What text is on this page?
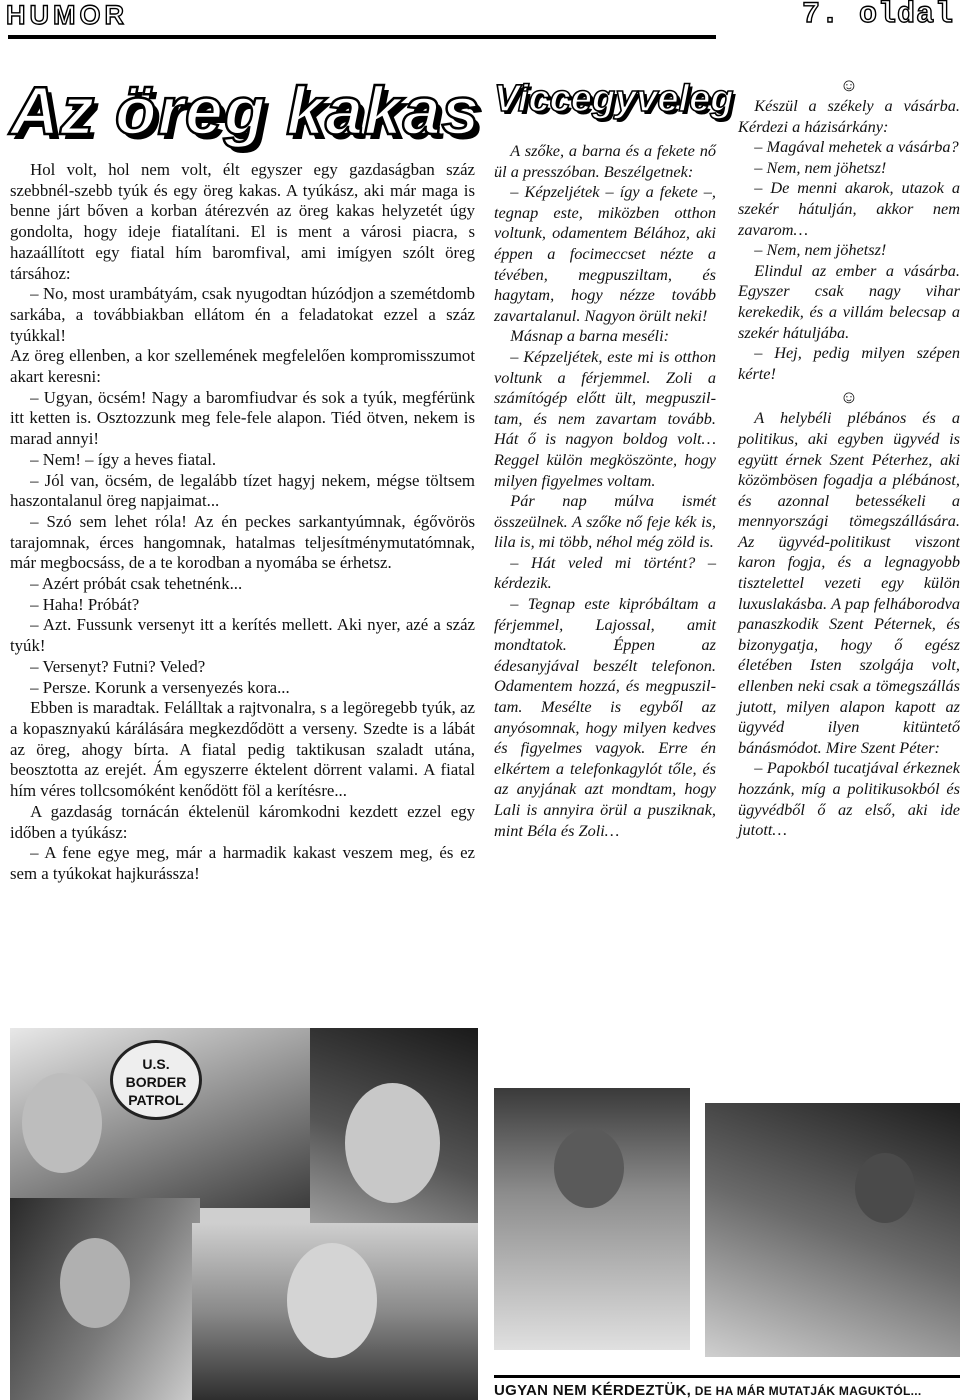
HUMOR	7. oldal
Az öreg kakas

Hol volt, hol nem volt, élt egyszer egy gazdaságban száz szebbnél-szebb tyúk és egy öreg kakas. A tyúkász, aki már maga is benne járt bőven a korban átérezvén az öreg kakas helyzetét úgy gondolta, hogy ideje fiatalítani. El is ment a városi piacra, s hazaállított egy fiatal hím baromfival, ami imígyen szólt öreg társához:

– No, most urambátyám, csak nyugodtan húzódjon a szemétdomb sarkába, a továbbiakban ellátom én a feladatokat ezzel a száz tyúkkal!

Az öreg ellenben, a kor szellemének megfelelően kompromisszumot akart keresni:

– Ugyan, öcsém! Nagy a baromfiudvar és sok a tyúk, megférünk itt ketten is. Osztozzunk meg fele-fele alapon. Tiéd ötven, nekem is marad annyi!

– Nem! – így a heves fiatal.

– Jól van, öcsém, de legalább tízet hagyj nekem, mégse töltsem haszontalanul öreg napjaimat...

– Szó sem lehet róla! Az én peckes sarkantyúmnak, égővörös tarajomnak, érces hangomnak, hatalmas teljesítménymutatómnak, már megbocsáss, de a te korodban a nyomába se érhetsz.

– Azért próbát csak tehetnénk...

– Haha! Próbát?

– Azt. Fussunk versenyt itt a kerítés mellett. Aki nyer, azé a száz tyúk!

– Versenyt? Futni? Veled?

– Persze. Korunk a versenyezés kora...

Ebben is maradtak. Felálltak a rajtvonalra, s a legöregebb tyúk, az a kopasznyakú kárálására megkezdődött a verseny. Szedte is a lábát az öreg, ahogy bírta. A fiatal pedig taktikusan szaladt utána, beosztotta az erejét. Ám egyszerre éktelent dörrent valami. A fiatal hím véres tollcsomóként kenődött föl a kerítésre...

A gazdaság tornácán éktelenül káromkodni kezdett ezzel egy időben a tyúkász:

– A fene egye meg, már a harmadik kakast veszem meg, és ez sem a tyúkokat hajkurássza!

U.S. BORDER PATROL
Viccegyveleg

A szőke, a barna és a fekete nő ül a presszóban. Beszélgetnek:

– Képzeljétek – így a fekete –, tegnap este, miközben otthon voltunk, odamentem Bélához, aki éppen a focimeccset nézte a tévében, megpusziltam, és hagytam, hogy nézze tovább zavartalanul. Nagyon örült neki!

Másnap a barna meséli:

– Képzeljétek, este mi is otthon voltunk a férjemmel. Zoli a számítógép előtt ült, megpusziltam, és nem zavartam tovább. Hát ő is nagyon boldog volt… Reggel külön megköszönte, hogy milyen figyelmes voltam.

Pár nap múlva ismét összeülnek. A szőke nő feje kék is, lila is, mi több, néhol még zöld is.

– Hát veled mi történt? – kérdezik.

– Tegnap este kipróbáltam a férjemmel, Lajossal, amit mondtatok. Éppen az édesanyjával beszélt telefonon. Odamentem hozzá, és megpusziltam. Mesélte is egyből az anyósomnak, hogy milyen kedves és figyelmes vagyok. Erre én elkértem a telefonkagylót tőle, és az anyjának azt mondtam, hogy Lali is annyira örül a pusziknak, mint Béla és Zoli…

☺

Készül a székely a vásárba. Kérdezi a házisárkány:

– Magával mehetek a vásárba?

– Nem, nem jöhetsz!

– De menni akarok, utazok a szekér hátulján, akkor nem zavarom…

– Nem, nem jöhetsz!

Elindul az ember a vásárba. Egyszer csak nagy vihar kerekedik, és a villám belecsap a szekér hátuljába.

– Hej, pedig milyen szépen kérte!

☺

A helybéli plébános és a politikus, aki egyben ügyvéd is együtt érnek Szent Péterhez, aki közömbösen fogadja a plébánost, és azonnal betessékeli a mennyországi tömegszállására. Az ügyvéd-politikust viszont karon fogja, és a legnagyobb tisztelettel vezeti egy külön luxuslakásba. A pap felháborodva panaszkodik Szent Péternek, és bizonygatja, hogy ő egész életében Isten szolgája volt, ellenben neki csak a tömegszállás jutott, milyen alapon kapott az ügyvéd ilyen kitüntető bánásmódot. Mire Szent Péter:

– Papokból tucatjával érkeznek hozzánk, míg a politikusokból és ügyvédből ő az első, aki ide jutott…

UGYAN NEM KÉRDEZTÜK, DE HA MÁR MUTATJÁK MAGUKTÓL...
